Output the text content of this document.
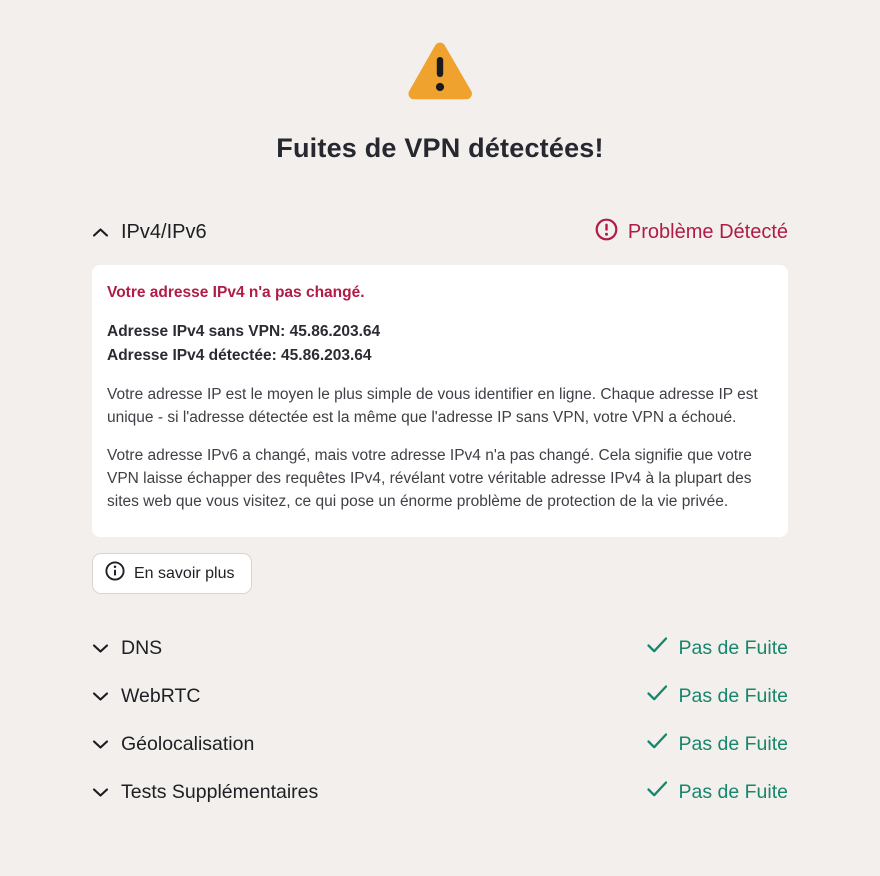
Fuites de VPN détectées!
IPv4/IPv6	Problème Détecté
Votre adresse IPv4 n'a pas changé.
Adresse IPv4 sans VPN: 45.86.203.64
Adresse IPv4 détectée: 45.86.203.64
Votre adresse IP est le moyen le plus simple de vous identifier en ligne. Chaque adresse IP est unique - si l'adresse détectée est la même que l'adresse IP sans VPN, votre VPN a échoué.
Votre adresse IPv6 a changé, mais votre adresse IPv4 n'a pas changé. Cela signifie que votre VPN laisse échapper des requêtes IPv4, révélant votre véritable adresse IPv4 à la plupart des sites web que vous visitez, ce qui pose un énorme problème de protection de la vie privée.
En savoir plus
DNS	Pas de Fuite
WebRTC	Pas de Fuite
Géolocalisation	Pas de Fuite
Tests Supplémentaires	Pas de Fuite
